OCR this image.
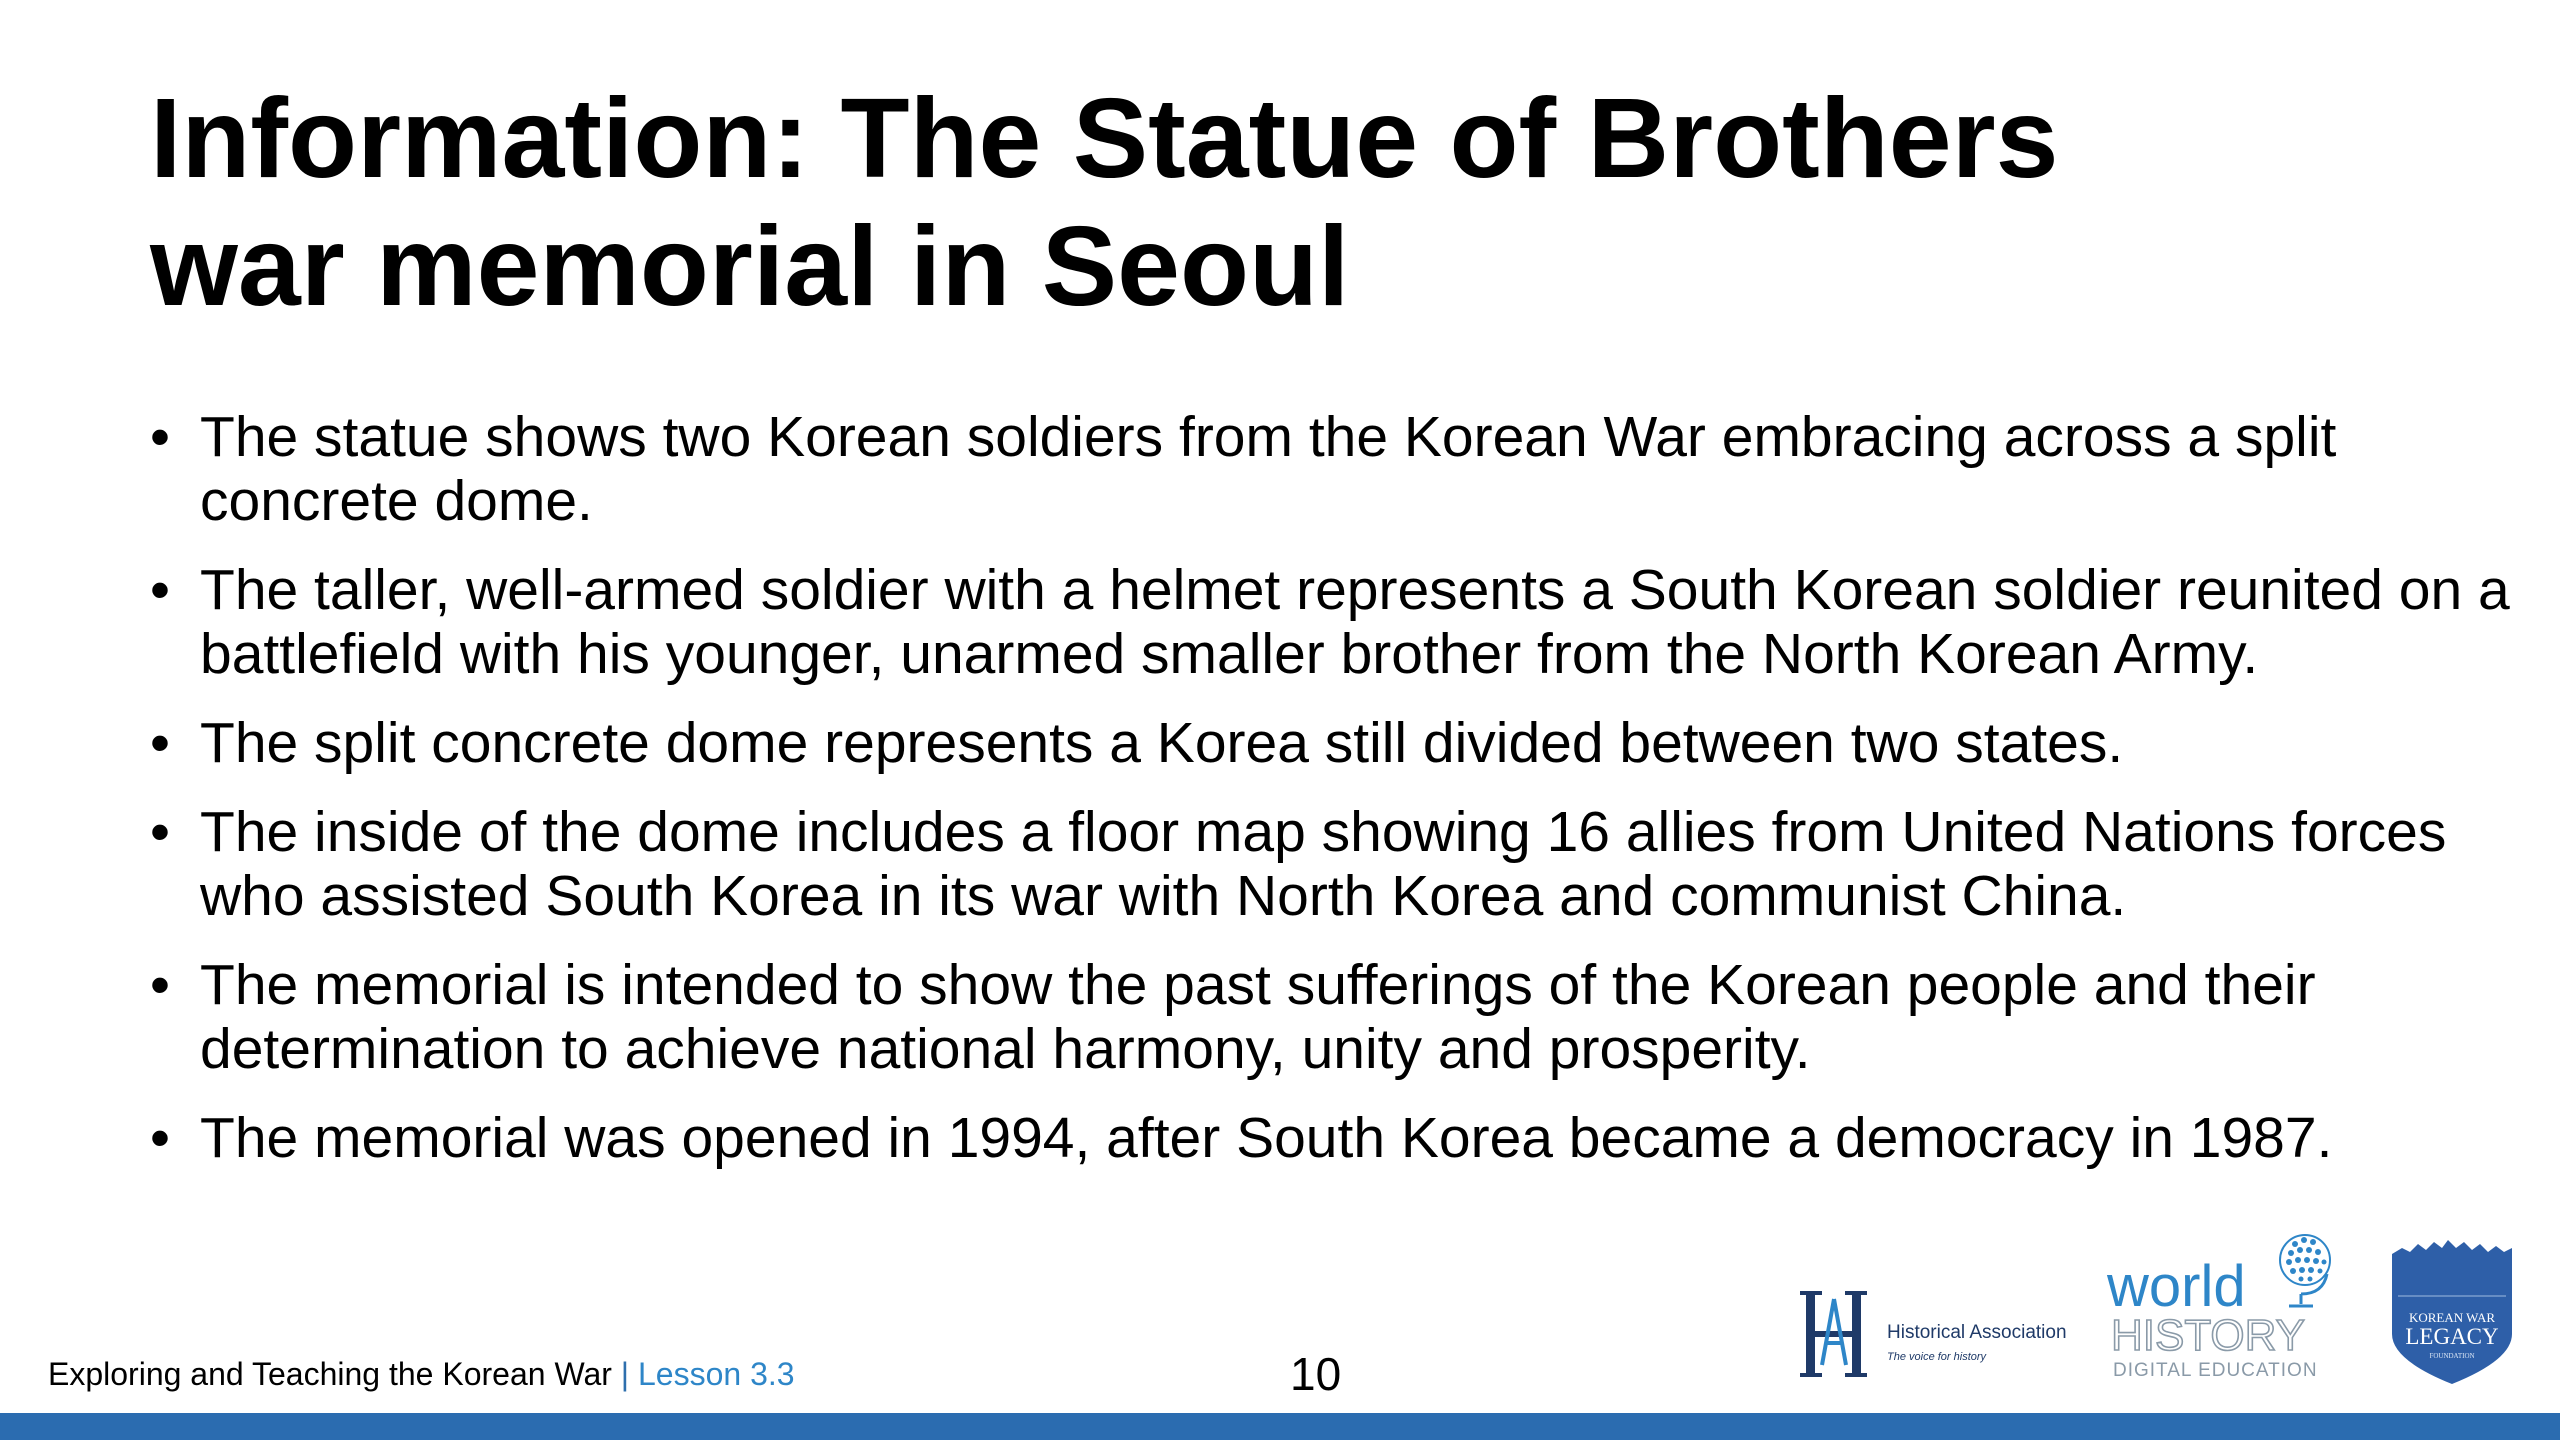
Information: The Statue of Brothers
war memorial in Seoul
• The statue shows two Korean soldiers from the Korean War embracing across a split concrete dome.
• The taller, well-armed soldier with a helmet represents a South Korean soldier reunited on a battlefield with his younger, unarmed smaller brother from the North Korean Army.
• The split concrete dome represents a Korea still divided between two states.
• The inside of the dome includes a floor map showing 16 allies from United Nations forces who assisted South Korea in its war with North Korea and communist China.
• The memorial is intended to show the past sufferings of the Korean people and their determination to achieve national harmony, unity and prosperity.
• The memorial was opened in 1994, after South Korea became a democracy in 1987.
Exploring and Teaching the Korean War | Lesson 3.3	10
Historical Association
The voice for history
world
HISTORY
DIGITAL EDUCATION
KOREAN WAR
LEGACY
FOUNDATION
